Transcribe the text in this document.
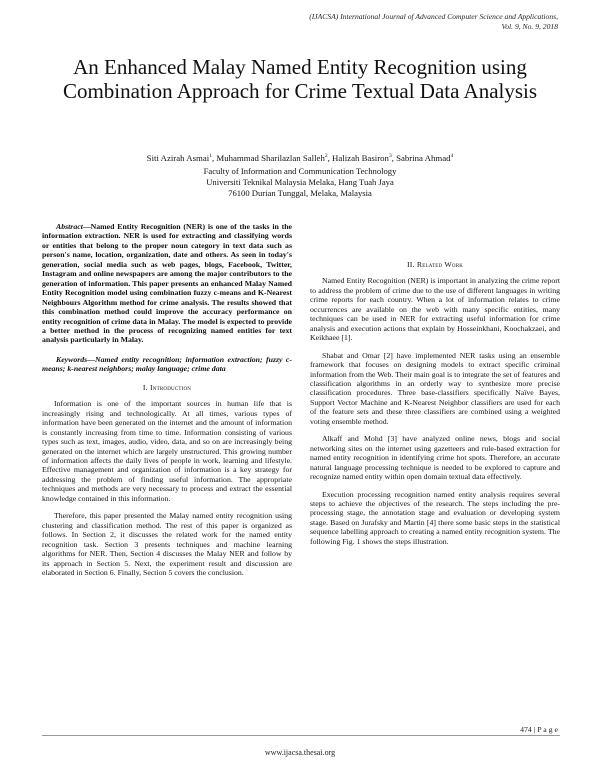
(IJACSA) International Journal of Advanced Computer Science and Applications,
Vol. 9, No. 9, 2018
An Enhanced Malay Named Entity Recognition using Combination Approach for Crime Textual Data Analysis
Siti Azirah Asmai$^1$, Muhammad Sharilazlan Salleh$^2$, Halizah Basiron$^3$, Sabrina Ahmad$^4$
Faculty of Information and Communication Technology
Universiti Teknikal Malaysia Melaka, Hang Tuah Jaya
76100 Durian Tunggal, Melaka, Malaysia

Abstract—Named Entity Recognition (NER) is one of the tasks in the information extraction. NER is used for extracting and classifying words or entities that belong to the proper noun category in text data such as person's name, location, organization, date and others. As seen in today's generation, social media such as web pages, blogs, Facebook, Twitter, Instagram and online newspapers are among the major contributors to the generation of information. This paper presents an enhanced Malay Named Entity Recognition model using combination fuzzy c-means and K-Nearest Neighbours Algorithm method for crime analysis. The results showed that this combination method could improve the accuracy performance on entity recognition of crime data in Malay. The model is expected to provide a better method in the process of recognizing named entities for text analysis particularly in Malay.

Keywords—Named entity recognition; information extraction; fuzzy c-means; k-nearest neighbors; malay language; crime data

I. Introduction

Information is one of the important sources in human life that is increasingly rising and technologically. At all times, various types of information have been generated on the internet and the amount of information is constantly increasing from time to time. Information consisting of various types such as text, images, audio, video, data, and so on are increasingly being generated on the internet which are largely unstructured. This growing number of information affects the daily lives of people in work, learning and lifestyle. Effective management and organization of information is a key strategy for addressing the problem of finding useful information. The appropriate techniques and methods are very necessary to process and extract the essential knowledge contained in this information.

Therefore, this paper presented the Malay named entity recognition using clustering and classification method. The rest of this paper is organized as follows. In Section 2, it discusses the related work for the named entity recognition task. Section 3 presents techniques and machine learning algorithms for NER. Then, Section 4 discusses the Malay NER and follow by its approach in Section 5. Next, the experiment result and discussion are elaborated in Section 6. Finally, Section 5 covers the conclusion.

II. Related Work

Named Entity Recognition (NER) is important in analyzing the crime report to address the problem of crime due to the use of different languages in writing crime reports for each country. When a lot of information relates to crime occurrences are available on the web with many specific entities, many techniques can be used in NER for extracting useful information for crime analysis and execution actions that explain by Hosseinkhani, Koochakzaei, and Keikhaee [1].

Shabat and Omar [2] have implemented NER tasks using an ensemble framework that focuses on designing models to extract specific criminal information from the Web. Their main goal is to integrate the set of features and classification algorithms in an orderly way to synthesize more precise classification procedures. Three base-classifiers specifically Naïve Bayes, Support Vector Machine and K-Nearest Neighbor classifiers are used for each of the feature sets and these three classifiers are combined using a weighted voting ensemble method.

Alkaff and Mohd [3] have analyzed online news, blogs and social networking sites on the internet using gazetteers and rule-based extraction for named entity recognition in identifying crime hot spots. Therefore, an accurate natural language processing technique is needed to be explored to capture and recognize named entity within open domain textual data effectively.

Execution processing recognition named entity analysis requires several steps to achieve the objectives of the research. The steps including the pre-processing stage, the annotation stage and evaluation or developing system stage. Based on Jurafsky and Martin [4] there some basic steps in the statistical sequence labelling approach to creating a named entity recognition system. The following Fig. 1 shows the steps illustration.

474 | P a g e
www.ijacsa.thesai.org
